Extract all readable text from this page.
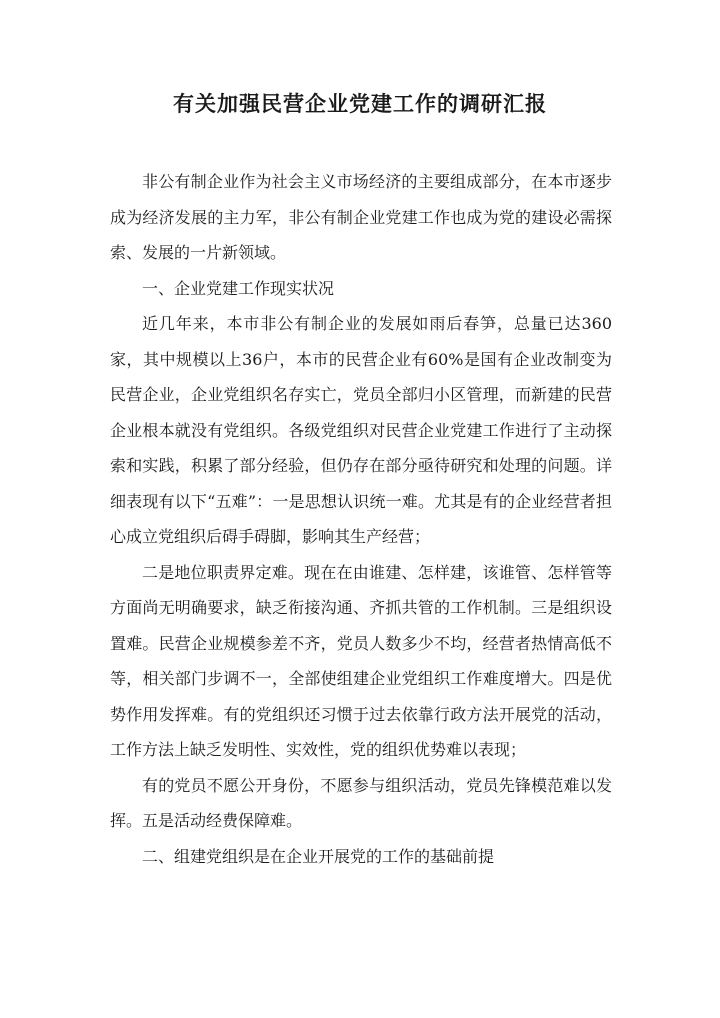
有关加强民营企业党建工作的调研汇报

非公有制企业作为社会主义市场经济的主要组成部分，在本市逐步成为经济发展的主力军，非公有制企业党建工作也成为党的建设必需探索、发展的一片新领域。

一、企业党建工作现实状况

近几年来，本市非公有制企业的发展如雨后春笋，总量已达360家，其中规模以上36户，本市的民营企业有60%是国有企业改制变为民营企业，企业党组织名存实亡，党员全部归小区管理，而新建的民营企业根本就没有党组织。各级党组织对民营企业党建工作进行了主动探索和实践，积累了部分经验，但仍存在部分亟待研究和处理的问题。详细表现有以下“五难”：一是思想认识统一难。尤其是有的企业经营者担心成立党组织后碍手碍脚，影响其生产经营；

二是地位职责界定难。现在在由谁建、怎样建，该谁管、怎样管等方面尚无明确要求，缺乏衔接沟通、齐抓共管的工作机制。三是组织设置难。民营企业规模参差不齐，党员人数多少不均，经营者热情高低不等，相关部门步调不一，全部使组建企业党组织工作难度增大。四是优势作用发挥难。有的党组织还习惯于过去依靠行政方法开展党的活动，工作方法上缺乏发明性、实效性，党的组织优势难以表现；

有的党员不愿公开身份，不愿参与组织活动，党员先锋模范难以发挥。五是活动经费保障难。

二、组建党组织是在企业开展党的工作的基础前提
